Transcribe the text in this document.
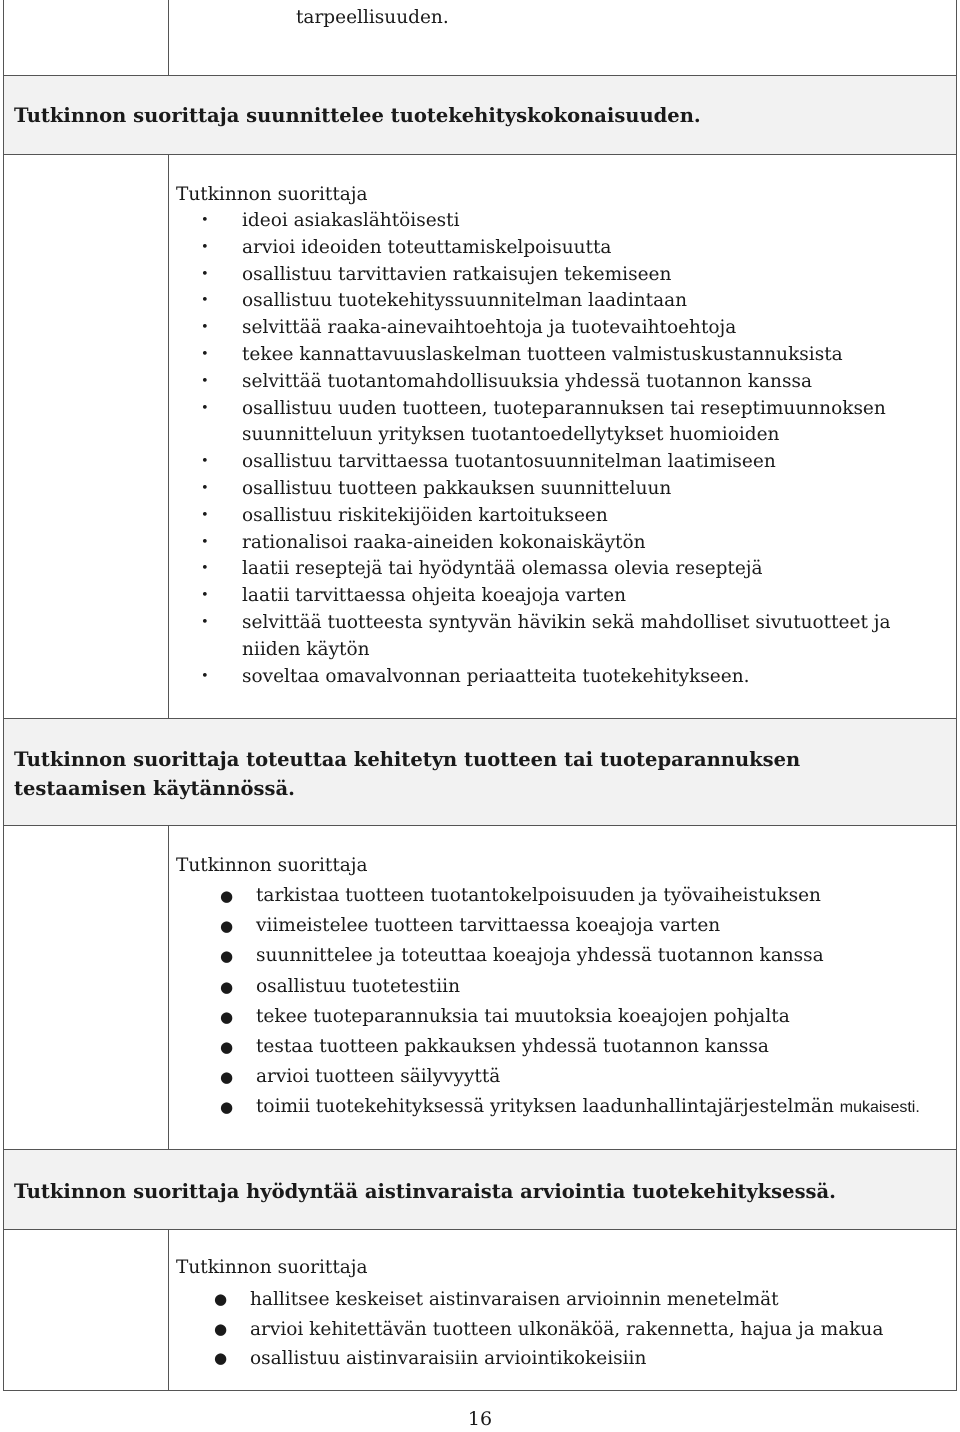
tarpeellisuuden.

Tutkinnon suorittaja suunnittelee tuotekehityskokonaisuuden.

Tutkinnon suorittaja

• ideoi asiakaslähtöisesti
• arvioi ideoiden toteuttamiskelpoisuutta
• osallistuu tarvittavien ratkaisujen tekemiseen
• osallistuu tuotekehityssuunnitelman laadintaan
• selvittää raaka-ainevaihtoehtoja ja tuotevaihtoehtoja
• tekee kannattavuuslaskelman tuotteen valmistuskustannuksista
• selvittää tuotantomahdollisuuksia yhdessä tuotannon kanssa
• osallistuu uuden tuotteen, tuoteparannuksen tai reseptimuunnoksen suunnitteluun yrityksen tuotantoedellytykset huomioiden
• osallistuu tarvittaessa tuotantosuunnitelman laatimiseen
• osallistuu tuotteen pakkauksen suunnitteluun
• osallistuu riskitekijöiden kartoitukseen
• rationalisoi raaka-aineiden kokonaiskäytön
• laatii reseptejä tai hyödyntää olemassa olevia reseptejä
• laatii tarvittaessa ohjeita koeajoja varten
• selvittää tuotteesta syntyvän hävikin sekä mahdolliset sivutuotteet ja niiden käytön
• soveltaa omavalvonnan periaatteita tuotekehitykseen.

Tutkinnon suorittaja toteuttaa kehitetyn tuotteen tai tuoteparannuksen testaamisen käytännössä.

Tutkinnon suorittaja

● tarkistaa tuotteen tuotantokelpoisuuden ja työvaiheistuksen
● viimeistelee tuotteen tarvittaessa koeajoja varten
● suunnittelee ja toteuttaa koeajoja yhdessä tuotannon kanssa
● osallistuu tuotetestiin
● tekee tuoteparannuksia tai muutoksia koeajojen pohjalta
● testaa tuotteen pakkauksen yhdessä tuotannon kanssa
● arvioi tuotteen säilyvyyttä
● toimii tuotekehityksessä yrityksen laadunhallintajärjestelmän mukaisesti.

Tutkinnon suorittaja hyödyntää aistinvaraista arviointia tuotekehityksessä.

Tutkinnon suorittaja

● hallitsee keskeiset aistinvaraisen arvioinnin menetelmät
● arvioi kehitettävän tuotteen ulkonäköä, rakennetta, hajua ja makua
● osallistuu aistinvaraisiin arviointikokeisiin
16
